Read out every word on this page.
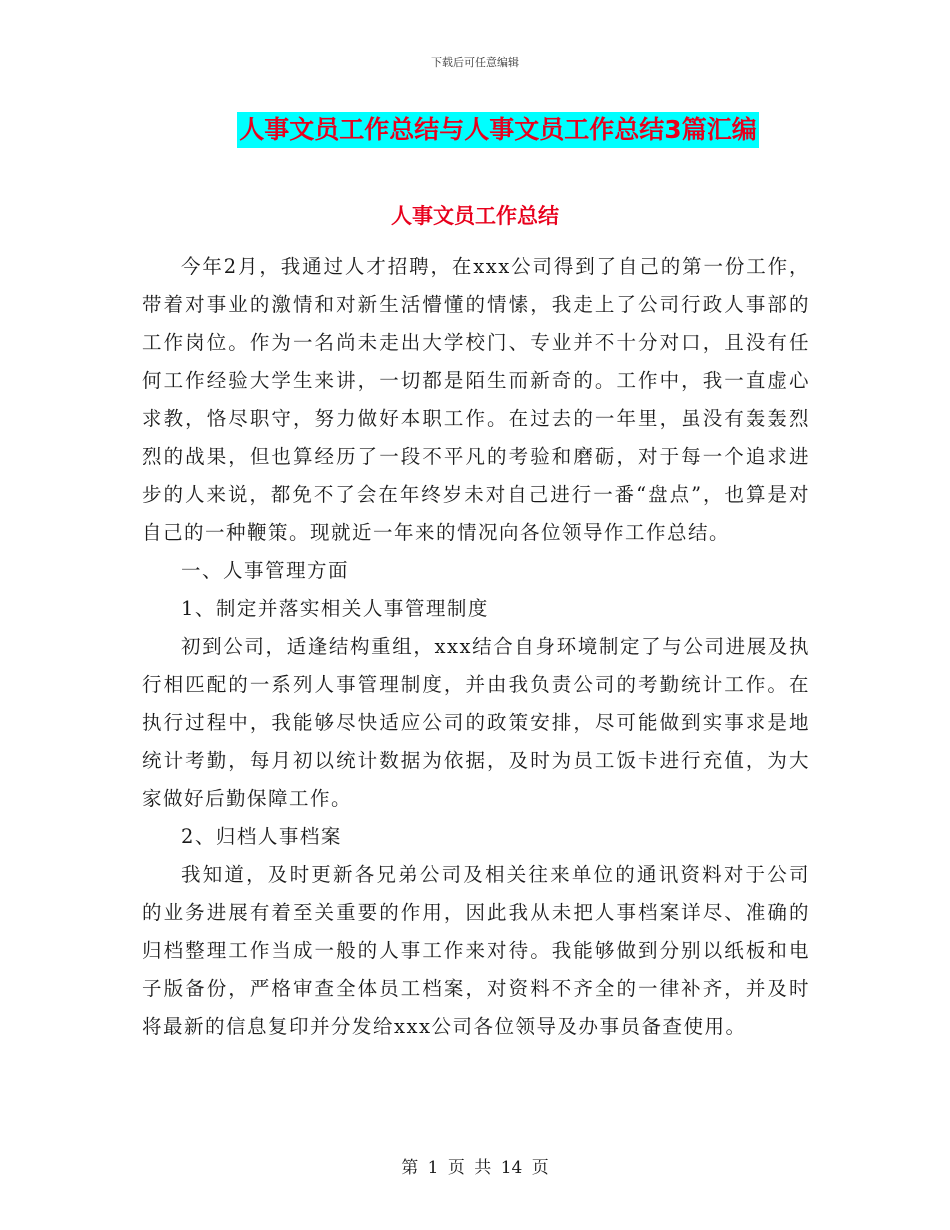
下载后可任意编辑
人事文员工作总结与人事文员工作总结3篇汇编
人事文员工作总结

今年2月，我通过人才招聘，在xxx公司得到了自己的第一份工作，带着对事业的激情和对新生活懵懂的情愫，我走上了公司行政人事部的工作岗位。作为一名尚未走出大学校门、专业并不十分对口，且没有任何工作经验大学生来讲，一切都是陌生而新奇的。工作中，我一直虚心求教，恪尽职守，努力做好本职工作。在过去的一年里，虽没有轰轰烈烈的战果，但也算经历了一段不平凡的考验和磨砺，对于每一个追求进步的人来说，都免不了会在年终岁未对自己进行一番“盘点”，也算是对自己的一种鞭策。现就近一年来的情况向各位领导作工作总结。

一、人事管理方面

1、制定并落实相关人事管理制度

初到公司，适逢结构重组，xxx结合自身环境制定了与公司进展及执行相匹配的一系列人事管理制度，并由我负责公司的考勤统计工作。在执行过程中，我能够尽快适应公司的政策安排，尽可能做到实事求是地统计考勤，每月初以统计数据为依据，及时为员工饭卡进行充值，为大家做好后勤保障工作。

2、归档人事档案

我知道，及时更新各兄弟公司及相关往来单位的通讯资料对于公司的业务进展有着至关重要的作用，因此我从未把人事档案详尽、准确的归档整理工作当成一般的人事工作来对待。我能够做到分别以纸板和电子版备份，严格审查全体员工档案，对资料不齐全的一律补齐，并及时将最新的信息复印并分发给xxx公司各位领导及办事员备查使用。

第 1 页 共 14 页
